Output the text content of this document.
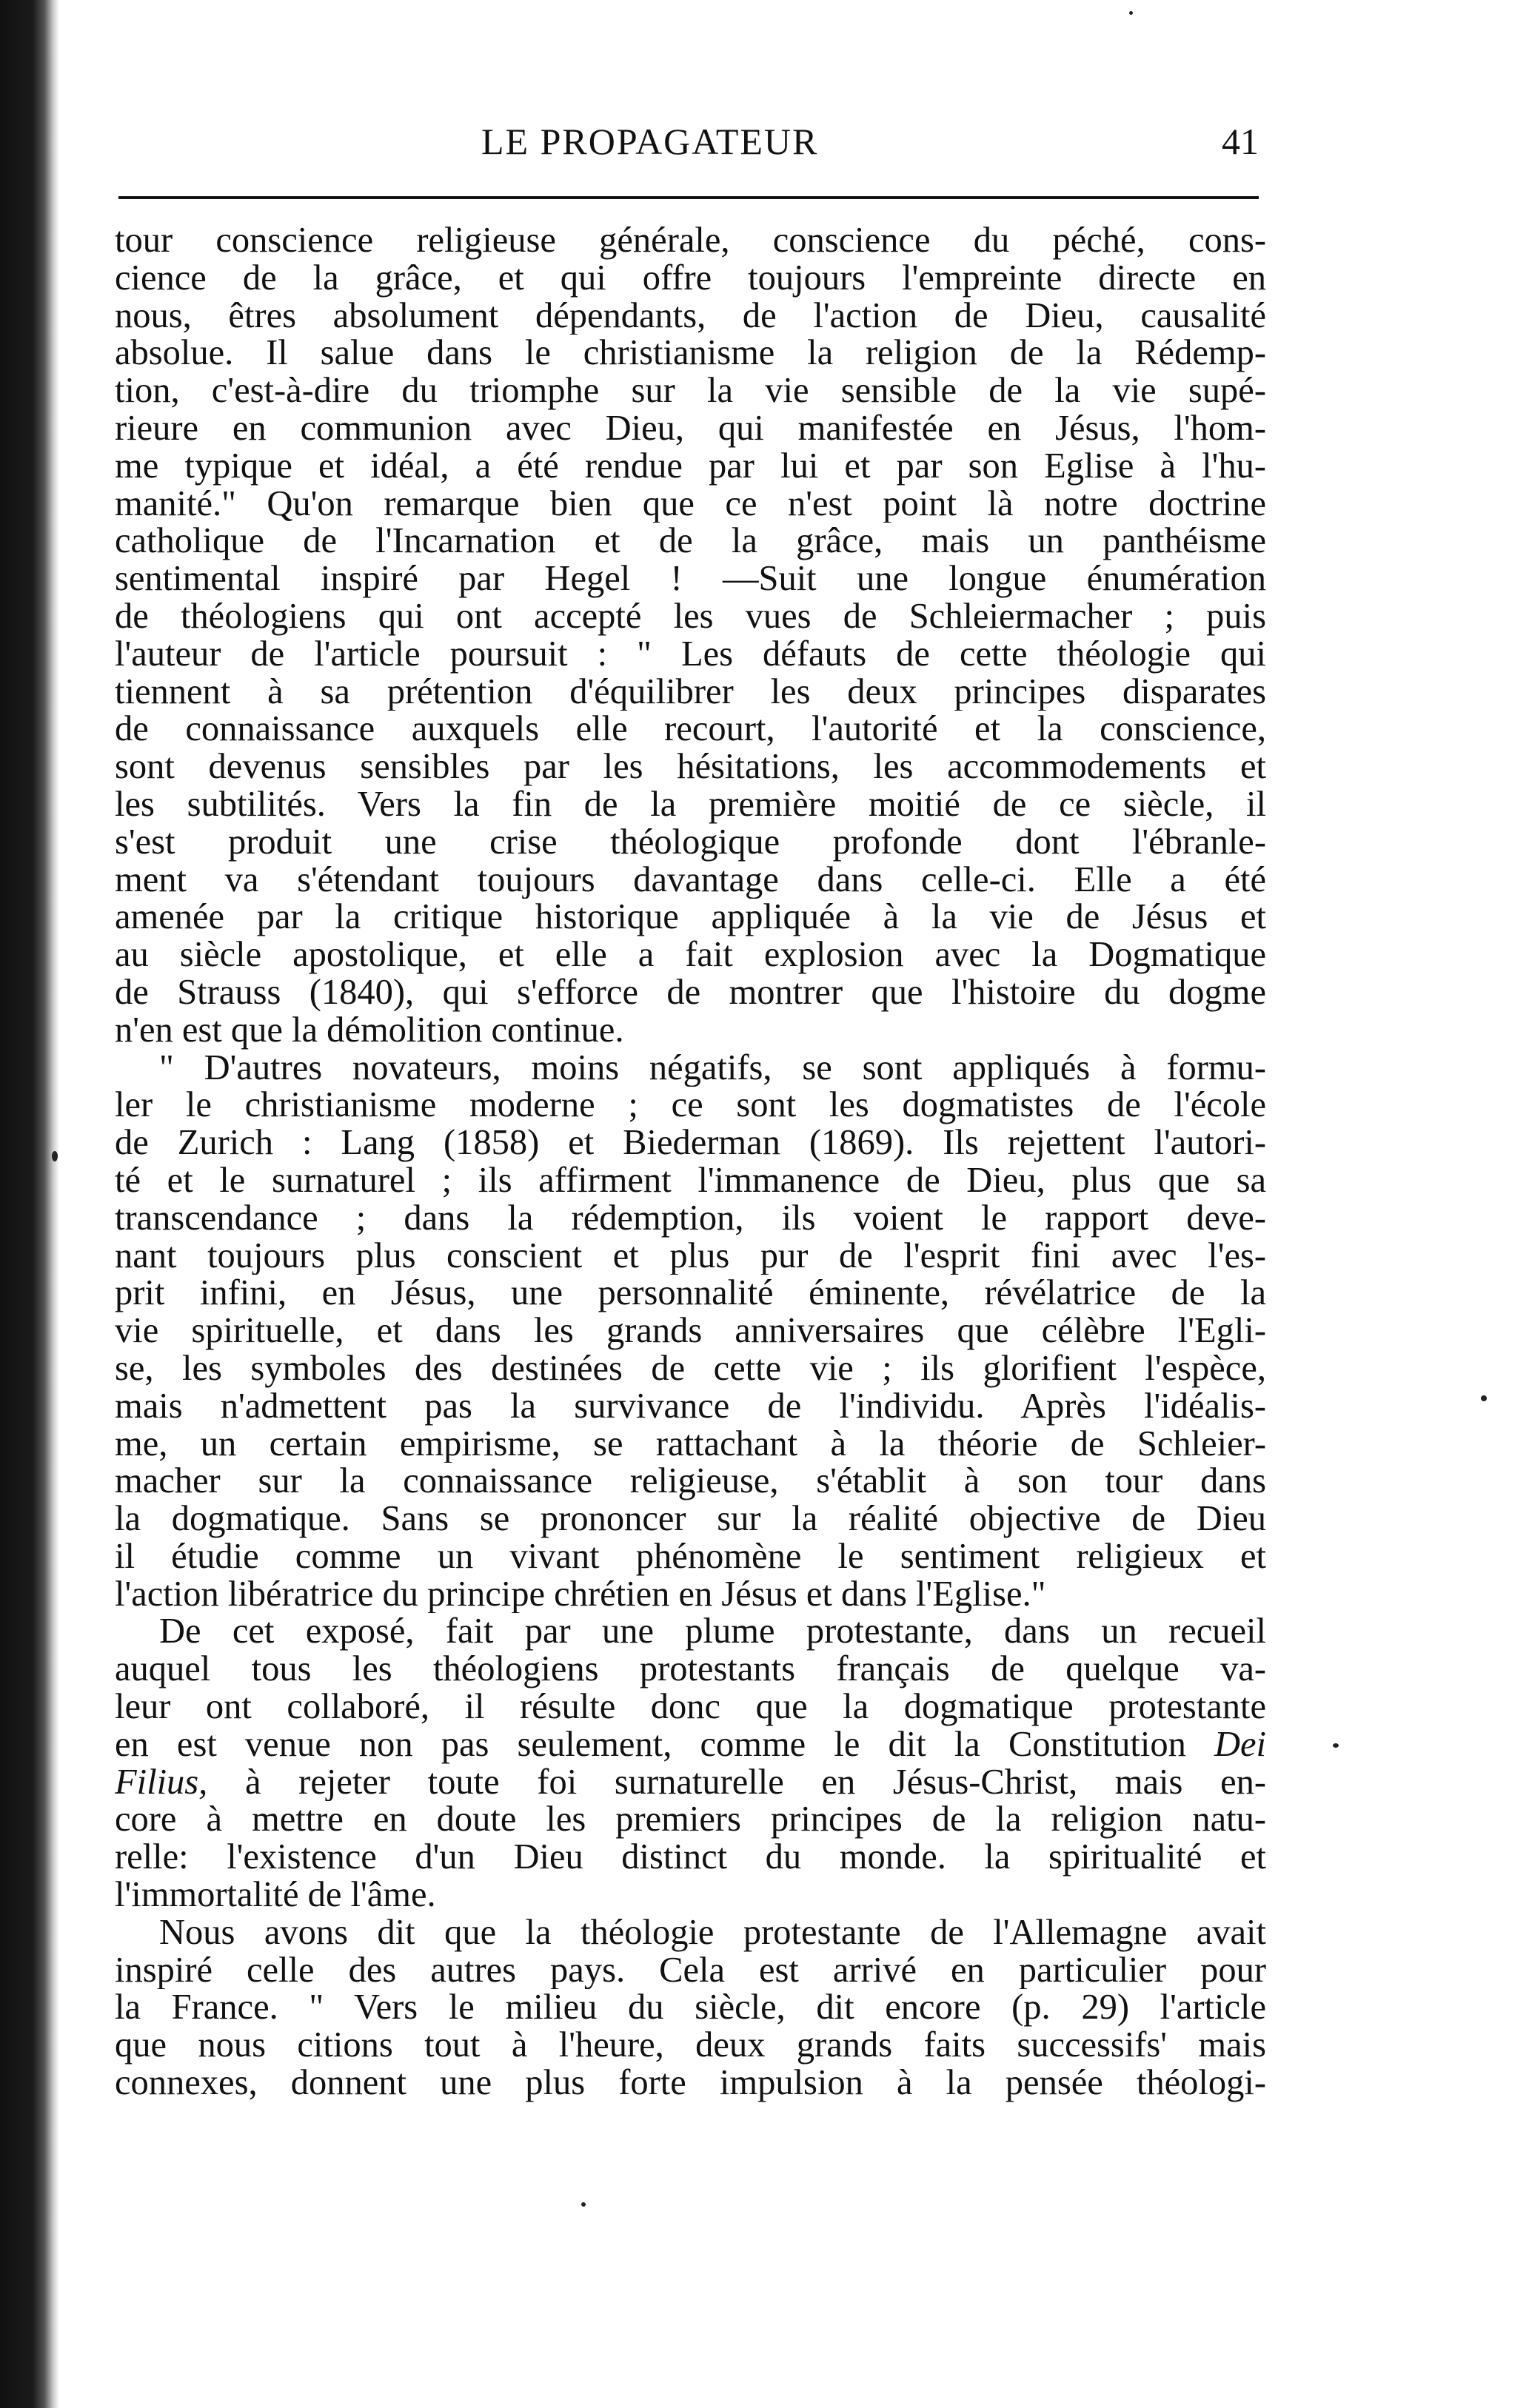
LE PROPAGATEUR	41
tour conscience religieuse générale, conscience du péché, cons-
cience de la grâce, et qui offre toujours l'empreinte directe en
nous, êtres absolument dépendants, de l'action de Dieu, causalité
absolue. Il salue dans le christianisme la religion de la Rédemp-
tion, c'est-à-dire du triomphe sur la vie sensible de la vie supé-
rieure en communion avec Dieu, qui manifestée en Jésus, l'hom-
me typique et idéal, a été rendue par lui et par son Eglise à l'hu-
manité." Qu'on remarque bien que ce n'est point là notre doctrine
catholique de l'Incarnation et de la grâce, mais un panthéisme
sentimental inspiré par Hegel ! —Suit une longue énumération
de théologiens qui ont accepté les vues de Schleiermacher ; puis
l'auteur de l'article poursuit : " Les défauts de cette théologie qui
tiennent à sa prétention d'équilibrer les deux principes disparates
de connaissance auxquels elle recourt, l'autorité et la conscience,
sont devenus sensibles par les hésitations, les accommodements et
les subtilités. Vers la fin de la première moitié de ce siècle, il
s'est produit une crise théologique profonde dont l'ébranle-
ment va s'étendant toujours davantage dans celle-ci. Elle a été
amenée par la critique historique appliquée à la vie de Jésus et
au siècle apostolique, et elle a fait explosion avec la Dogmatique
de Strauss (1840), qui s'efforce de montrer que l'histoire du dogme
n'en est que la démolition continue.
" D'autres novateurs, moins négatifs, se sont appliqués à formu-
ler le christianisme moderne ; ce sont les dogmatistes de l'école
de Zurich : Lang (1858) et Biederman (1869). Ils rejettent l'autori-
té et le surnaturel ; ils affirment l'immanence de Dieu, plus que sa
transcendance ; dans la rédemption, ils voient le rapport deve-
nant toujours plus conscient et plus pur de l'esprit fini avec l'es-
prit infini, en Jésus, une personnalité éminente, révélatrice de la
vie spirituelle, et dans les grands anniversaires que célèbre l'Egli-
se, les symboles des destinées de cette vie ; ils glorifient l'espèce,
mais n'admettent pas la survivance de l'individu. Après l'idéalis-
me, un certain empirisme, se rattachant à la théorie de Schleier-
macher sur la connaissance religieuse, s'établit à son tour dans
la dogmatique. Sans se prononcer sur la réalité objective de Dieu
il étudie comme un vivant phénomène le sentiment religieux et
l'action libératrice du principe chrétien en Jésus et dans l'Eglise."
De cet exposé, fait par une plume protestante, dans un recueil
auquel tous les théologiens protestants français de quelque va-
leur ont collaboré, il résulte donc que la dogmatique protestante
en est venue non pas seulement, comme le dit la Constitution Dei
Filius, à rejeter toute foi surnaturelle en Jésus-Christ, mais en-
core à mettre en doute les premiers principes de la religion natu-
relle: l'existence d'un Dieu distinct du monde. la spiritualité et
l'immortalité de l'âme.
Nous avons dit que la théologie protestante de l'Allemagne avait
inspiré celle des autres pays. Cela est arrivé en particulier pour
la France. " Vers le milieu du siècle, dit encore (p. 29) l'article
que nous citions tout à l'heure, deux grands faits successifs' mais
connexes, donnent une plus forte impulsion à la pensée théologi-
